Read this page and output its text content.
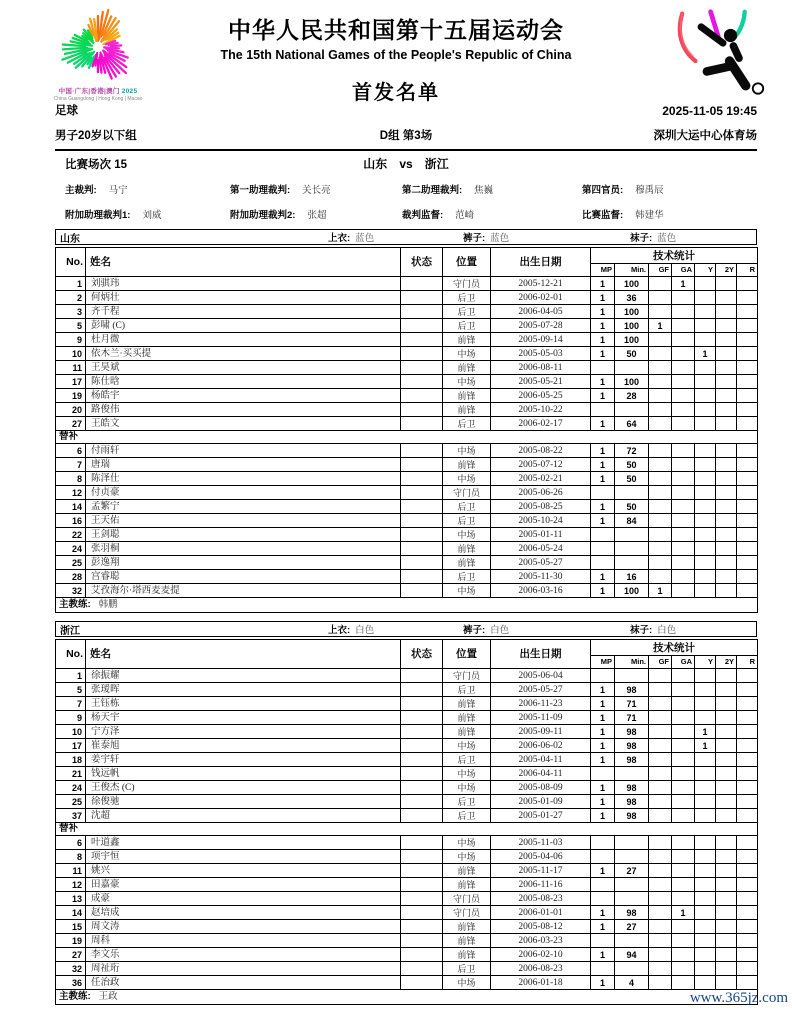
中国·广东|香港|澳门 2025
China Guangdong | Hong Kong | Macao
中华人民共和国第十五届运动会
The 15th National Games of the People's Republic of China
首发名单
足球	2025-11-05 19:45
男子20岁以下组	D组 第3场	深圳大运中心体育场
比赛场次 15	山东 vs 浙江
主裁判: 马宁	第一助理裁判: 关长亮	第二助理裁判: 焦巍	第四官员: 穆禹辰
附加助理裁判1: 刘威	附加助理裁判2: 张超	裁判监督: 范崎	比赛监督: 韩建华
山东	上衣: 蓝色	裤子: 蓝色	袜子: 蓝色
No.	姓名	状态	位置	出生日期	技术统计						
					MP	Min.	GF	GA	Y	2Y	R
1	刘骐玮		守门员	2005-12-21	1	100		1			
2	何炳壮		后卫	2006-02-01	1	36					
3	齐千程		后卫	2006-04-05	1	100					
5	彭啸 (C)		后卫	2005-07-28	1	100	1				
9	杜月微		前锋	2005-09-14	1	100					
10	依木兰·买买提		中场	2005-05-03	1	50			1		
11	王昊斌		前锋	2006-08-11							
17	陈仕晗		中场	2005-05-21	1	100					
19	杨皓宇		前锋	2006-05-25	1	28					
20	路俊伟		前锋	2005-10-22							
27	王皓文		后卫	2006-02-17	1	64					
替补											
6	付雨轩		中场	2005-08-22	1	72					
7	唐瑞		前锋	2005-07-12	1	50					
8	陈泽仕		中场	2005-02-21	1	50					
12	付贞豪		守门员	2005-06-26							
14	孟繁宁		后卫	2005-08-25	1	50					
16	王天佑		后卫	2005-10-24	1	84					
22	王剑聪		中场	2005-01-11							
24	张羽桐		前锋	2006-05-24							
25	彭逸翔		前锋	2005-05-27							
28	宫睿聪		后卫	2005-11-30	1	16					
32	艾孜海尔·塔西麦麦提		中场	2006-03-16	1	100	1				
主教练: 韩鹏											
浙江	上衣: 白色	裤子: 白色	袜子: 白色
No.	姓名	状态	位置	出生日期	技术统计						
					MP	Min.	GF	GA	Y	2Y	R
1	徐振耀		守门员	2005-06-04							
5	张瑷晖		后卫	2005-05-27	1	98					
7	王钰栋		前锋	2006-11-23	1	71					
9	杨天宇		前锋	2005-11-09	1	71					
10	宁方泽		前锋	2005-09-11	1	98			1		
17	崔泰旭		中场	2006-06-02	1	98			1		
18	姜宇轩		后卫	2005-04-11	1	98					
21	钱远帆		中场	2006-04-11							
24	王俊杰 (C)		中场	2005-08-09	1	98					
25	徐俊驰		后卫	2005-01-09	1	98					
37	沈超		后卫	2005-01-27	1	98					
替补											
6	叶道鑫		中场	2005-11-03							
8	项宇恒		中场	2005-04-06							
11	姚兴		前锋	2005-11-17	1	27					
12	田嘉豪		前锋	2006-11-16							
13	成豪		守门员	2005-08-23							
14	赵培成		守门员	2006-01-01	1	98		1			
15	周文涛		前锋	2005-08-12	1	27					
19	周科		前锋	2006-03-23							
27	李文乐		前锋	2006-02-10	1	94					
32	周祉珩		后卫	2006-08-23							
36	任治政		中场	2006-01-18	1	4					
主教练: 王政												www.365jz.com
